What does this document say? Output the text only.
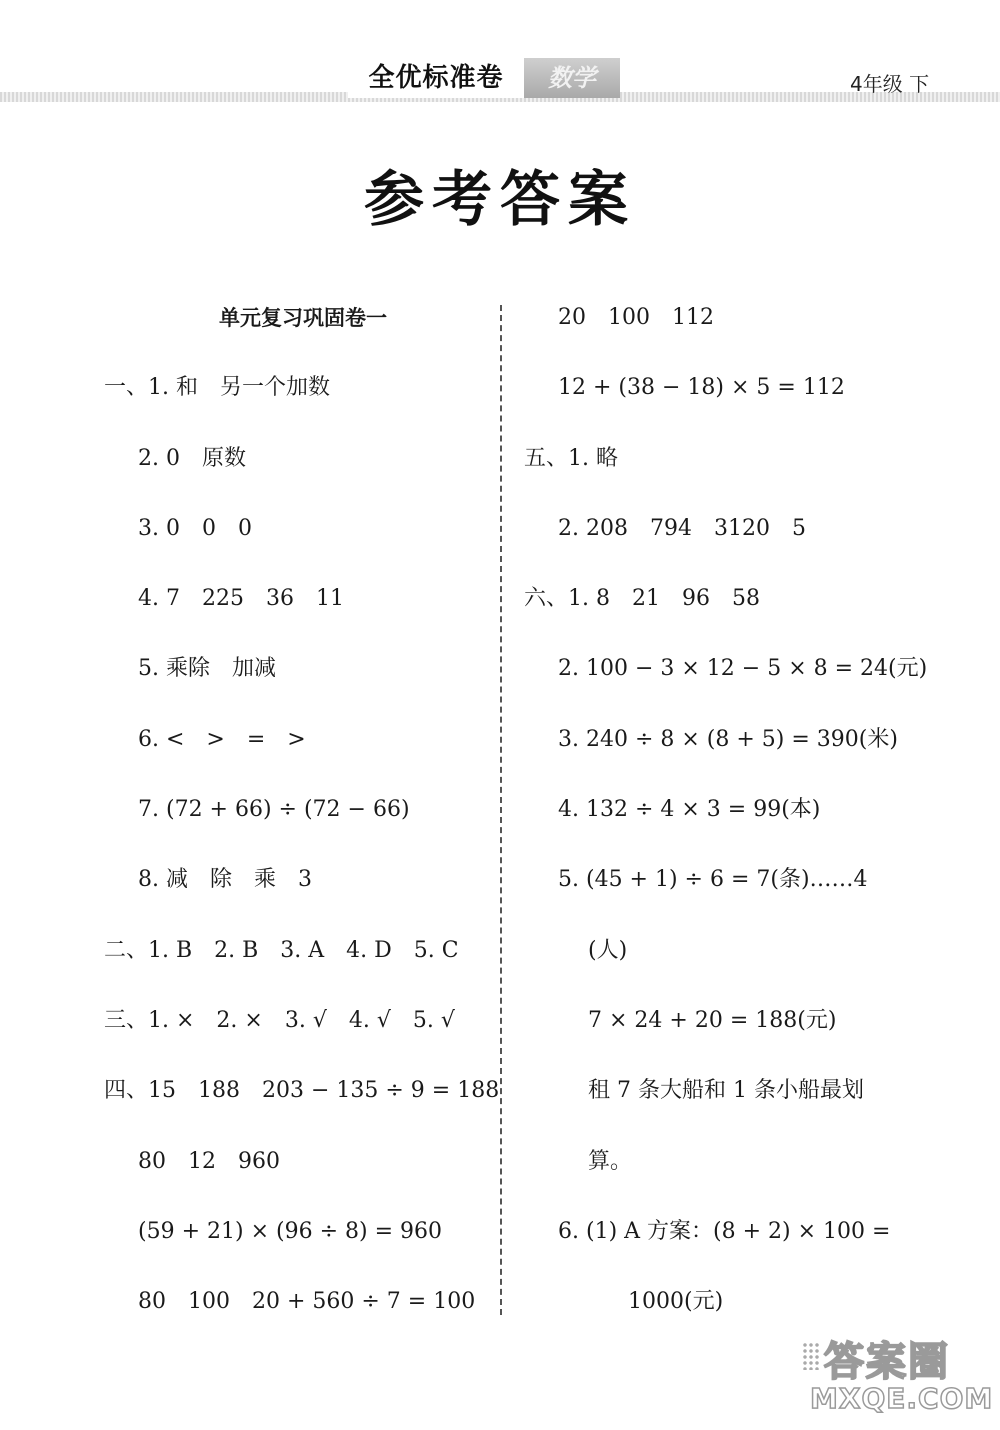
全优标准卷	数学	4年级 下
参考答案
单元复习巩固卷一
一、1. 和　另一个加数
2. 0　原数
3. 0　0　0
4. 7　225　36　11
5. 乘除　加减
6. <　>　=　>
7. (72 + 66) ÷ (72 − 66)
8. 减　除　乘　3
二、1. B　2. B　3. A　4. D　5. C
三、1. ×　2. ×　3. √　4. √　5. √
四、15　188　203 − 135 ÷ 9 = 188
80　12　960
(59 + 21) × (96 ÷ 8) = 960
80　100　20 + 560 ÷ 7 = 100
20　100　112
12 + (38 − 18) × 5 = 112
五、1. 略
2. 208　794　3120　5
六、1. 8　21　96　58
2. 100 − 3 × 12 − 5 × 8 = 24(元)
3. 240 ÷ 8 × (8 + 5) = 390(米)
4. 132 ÷ 4 × 3 = 99(本)
5. (45 + 1) ÷ 6 = 7(条)……4
(人)
7 × 24 + 20 = 188(元)
租 7 条大船和 1 条小船最划
算。
6. (1) A 方案：(8 + 2) × 100 =
1000(元)
答案圈
MXQE.COM
